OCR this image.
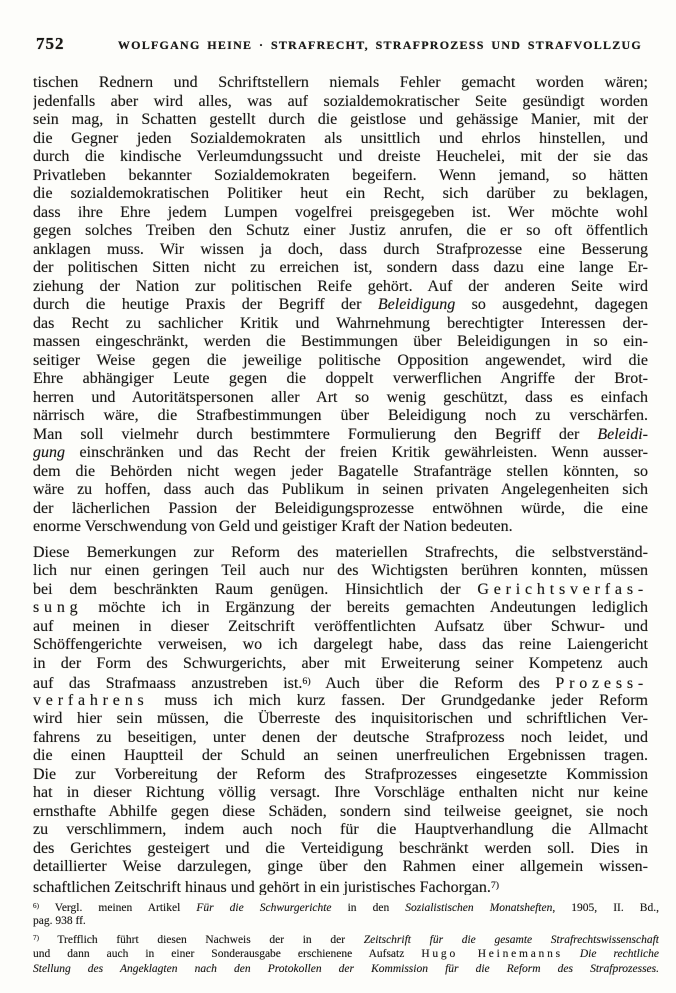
752	WOLFGANG HEINE · STRAFRECHT, STRAFPROZESS UND STRAFVOLLZUG
tischen Rednern und Schriftstellern niemals Fehler gemacht worden wären;
jedenfalls aber wird alles, was auf sozialdemokratischer Seite gesündigt worden
sein mag, in Schatten gestellt durch die geistlose und gehässige Manier, mit der
die Gegner jeden Sozialdemokraten als unsittlich und ehrlos hinstellen, und
durch die kindische Verleumdungssucht und dreiste Heuchelei, mit der sie das
Privatleben bekannter Sozialdemokraten begeifern. Wenn jemand, so hätten
die sozialdemokratischen Politiker heut ein Recht, sich darüber zu beklagen,
dass ihre Ehre jedem Lumpen vogelfrei preisgegeben ist. Wer möchte wohl
gegen solches Treiben den Schutz einer Justiz anrufen, die er so oft öffentlich
anklagen muss. Wir wissen ja doch, dass durch Strafprozesse eine Besserung
der politischen Sitten nicht zu erreichen ist, sondern dass dazu eine lange Er-
ziehung der Nation zur politischen Reife gehört. Auf der anderen Seite wird
durch die heutige Praxis der Begriff der Beleidigung so ausgedehnt, dagegen
das Recht zu sachlicher Kritik und Wahrnehmung berechtigter Interessen der-
massen eingeschränkt, werden die Bestimmungen über Beleidigungen in so ein-
seitiger Weise gegen die jeweilige politische Opposition angewendet, wird die
Ehre abhängiger Leute gegen die doppelt verwerflichen Angriffe der Brot-
herren und Autoritätspersonen aller Art so wenig geschützt, dass es einfach
närrisch wäre, die Strafbestimmungen über Beleidigung noch zu verschärfen.
Man soll vielmehr durch bestimmtere Formulierung den Begriff der Beleidi-
gung einschränken und das Recht der freien Kritik gewährleisten. Wenn ausser-
dem die Behörden nicht wegen jeder Bagatelle Strafanträge stellen könnten, so
wäre zu hoffen, dass auch das Publikum in seinen privaten Angelegenheiten sich
der lächerlichen Passion der Beleidigungsprozesse entwöhnen würde, die eine
enorme Verschwendung von Geld und geistiger Kraft der Nation bedeuten.
Diese Bemerkungen zur Reform des materiellen Strafrechts, die selbstverständ-
lich nur einen geringen Teil auch nur des Wichtigsten berühren konnten, müssen
bei dem beschränkten Raum genügen. Hinsichtlich der Gerichtsverfas-
sung möchte ich in Ergänzung der bereits gemachten Andeutungen lediglich
auf meinen in dieser Zeitschrift veröffentlichten Aufsatz über Schwur- und
Schöffengerichte verweisen, wo ich dargelegt habe, dass das reine Laiengericht
in der Form des Schwurgerichts, aber mit Erweiterung seiner Kompetenz auch
auf das Strafmaass anzustreben ist.$^{6)}$ Auch über die Reform des Prozess-
verfahrens muss ich mich kurz fassen. Der Grundgedanke jeder Reform
wird hier sein müssen, die Überreste des inquisitorischen und schriftlichen Ver-
fahrens zu beseitigen, unter denen der deutsche Strafprozess noch leidet, und
die einen Hauptteil der Schuld an seinen unerfreulichen Ergebnissen tragen.
Die zur Vorbereitung der Reform des Strafprozesses eingesetzte Kommission
hat in dieser Richtung völlig versagt. Ihre Vorschläge enthalten nicht nur keine
ernsthafte Abhilfe gegen diese Schäden, sondern sind teilweise geeignet, sie noch
zu verschlimmern, indem auch noch für die Hauptverhandlung die Allmacht
des Gerichtes gesteigert und die Verteidigung beschränkt werden soll. Dies in
detaillierter Weise darzulegen, ginge über den Rahmen einer allgemein wissen-
schaftlichen Zeitschrift hinaus und gehört in ein juristisches Fachorgan.$^{7)}$
$^{6)}$ Vergl. meinen Artikel Für die Schwurgerichte in den Sozialistischen Monatsheften, 1905, II. Bd.,
pag. 938 ff.
$^{7)}$ Trefflich führt diesen Nachweis der in der Zeitschrift für die gesamte Strafrechtswissenschaft
und dann auch in einer Sonderausgabe erschienene Aufsatz Hugo Heinemanns Die rechtliche
Stellung des Angeklagten nach den Protokollen der Kommission für die Reform des Strafprozesses.
